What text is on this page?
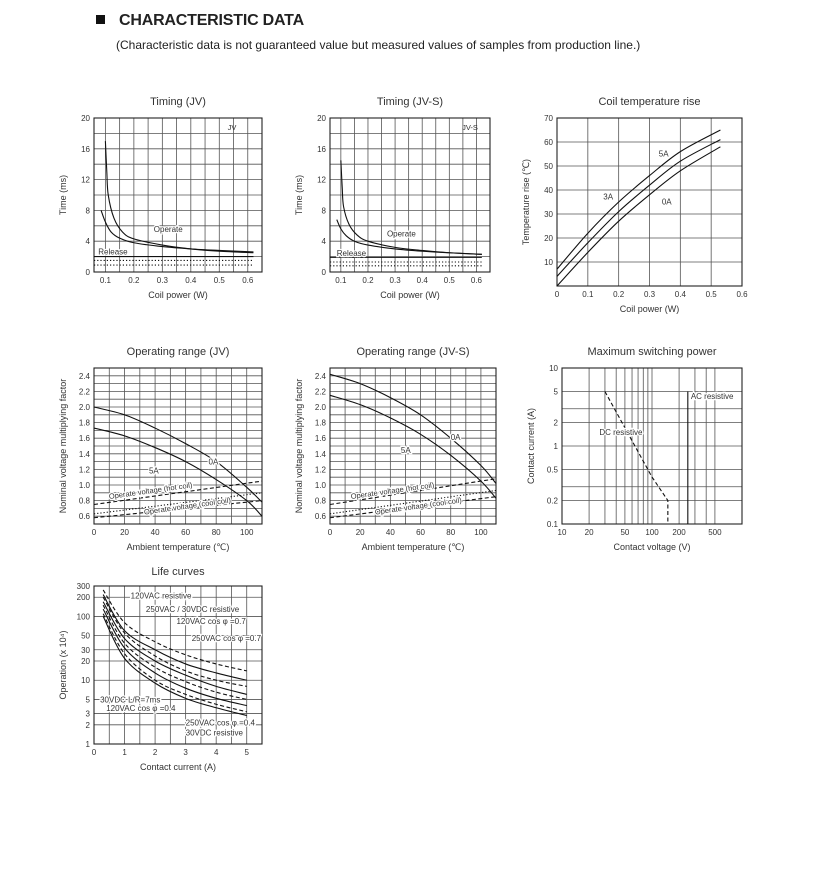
CHARACTERISTIC DATA
(Characteristic data is not guaranteed value but measured values of samples from production line.)
Timing (JV)
0.1 0.2 0.3 0.4 0.5 0.6
0
4
8
12
16
20
Coil power (W)
Time (ms)
JV
Operate
Release
Timing (JV-S)
0.1 0.2 0.3 0.4 0.5 0.6
0
4
8
12
16
20
Coil power (W)
Time (ms)
JV-S
Operate
Release
Coil temperature rise
0	0.1 0.2 0.3 0.4 0.5 0.6
10
20
30
40
50
60
70
Coil power (W)
Temperature rise (℃)
5A
3A
0A
Operating range (JV)
0	20	40	60	80 100
0.6
0.8
1.0
1.2
1.4
1.6
1.8
2.0
2.2
2.4
Ambient temperature (℃)
Nominal voltage multiplying factor	0A
5A
Operate voltage (hot coil)
Operate voltage (cool coil)
Operating range (JV-S)
0	20	40	60	80 100
0.6
0.8
1.0
1.2
1.4
1.6
1.8
2.0
2.2
2.4
Ambient temperature (℃)
Nominal voltage multiplying factor	0A
5A
Operate voltage (hot coil)
Operate voltage (cool coil)
Maximum switching power
10 20	50 100 200	500
0.1
0.2
0.5
1
2
5
10
Contact voltage (V)
Contact current (A)
AC resistive
DC resistive
Life curves
0	1	2	3	4	5
1
2
3
5
10
20
30
50
100
200
300
Contact current (A)
Operation (x 10⁴)
120VAC resistive
250VAC / 30VDC resistive
120VAC cos φ =0.7
250VAC cos φ =0.7
30VDC L/R=7ms
120VAC cos φ =0.4
250VAC cos φ =0.4
30VDC resistive
